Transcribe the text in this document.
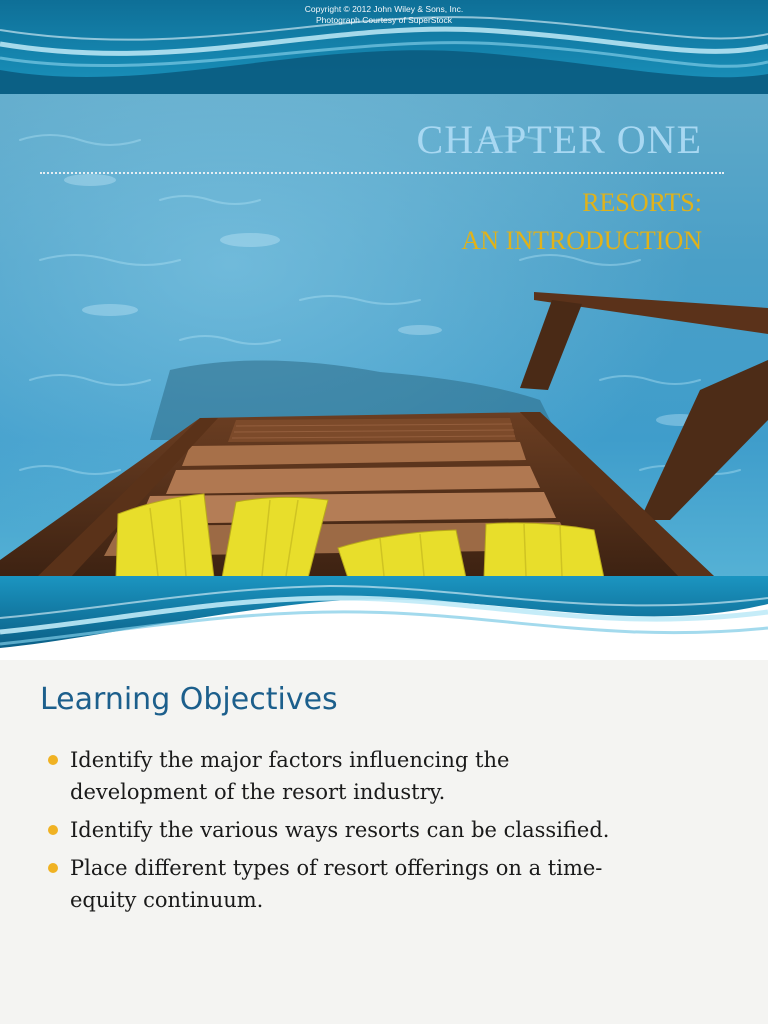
Copyright © 2012 John Wiley & Sons, Inc.
Photograph Courtesy of SuperStock
CHAPTER ONE
RESORTS:
AN INTRODUCTION
Learning Objectives
Identify the major factors influencing the
development of the resort industry.
Identify the various ways resorts can be classified.
Place different types of resort offerings on a time-
equity continuum.
